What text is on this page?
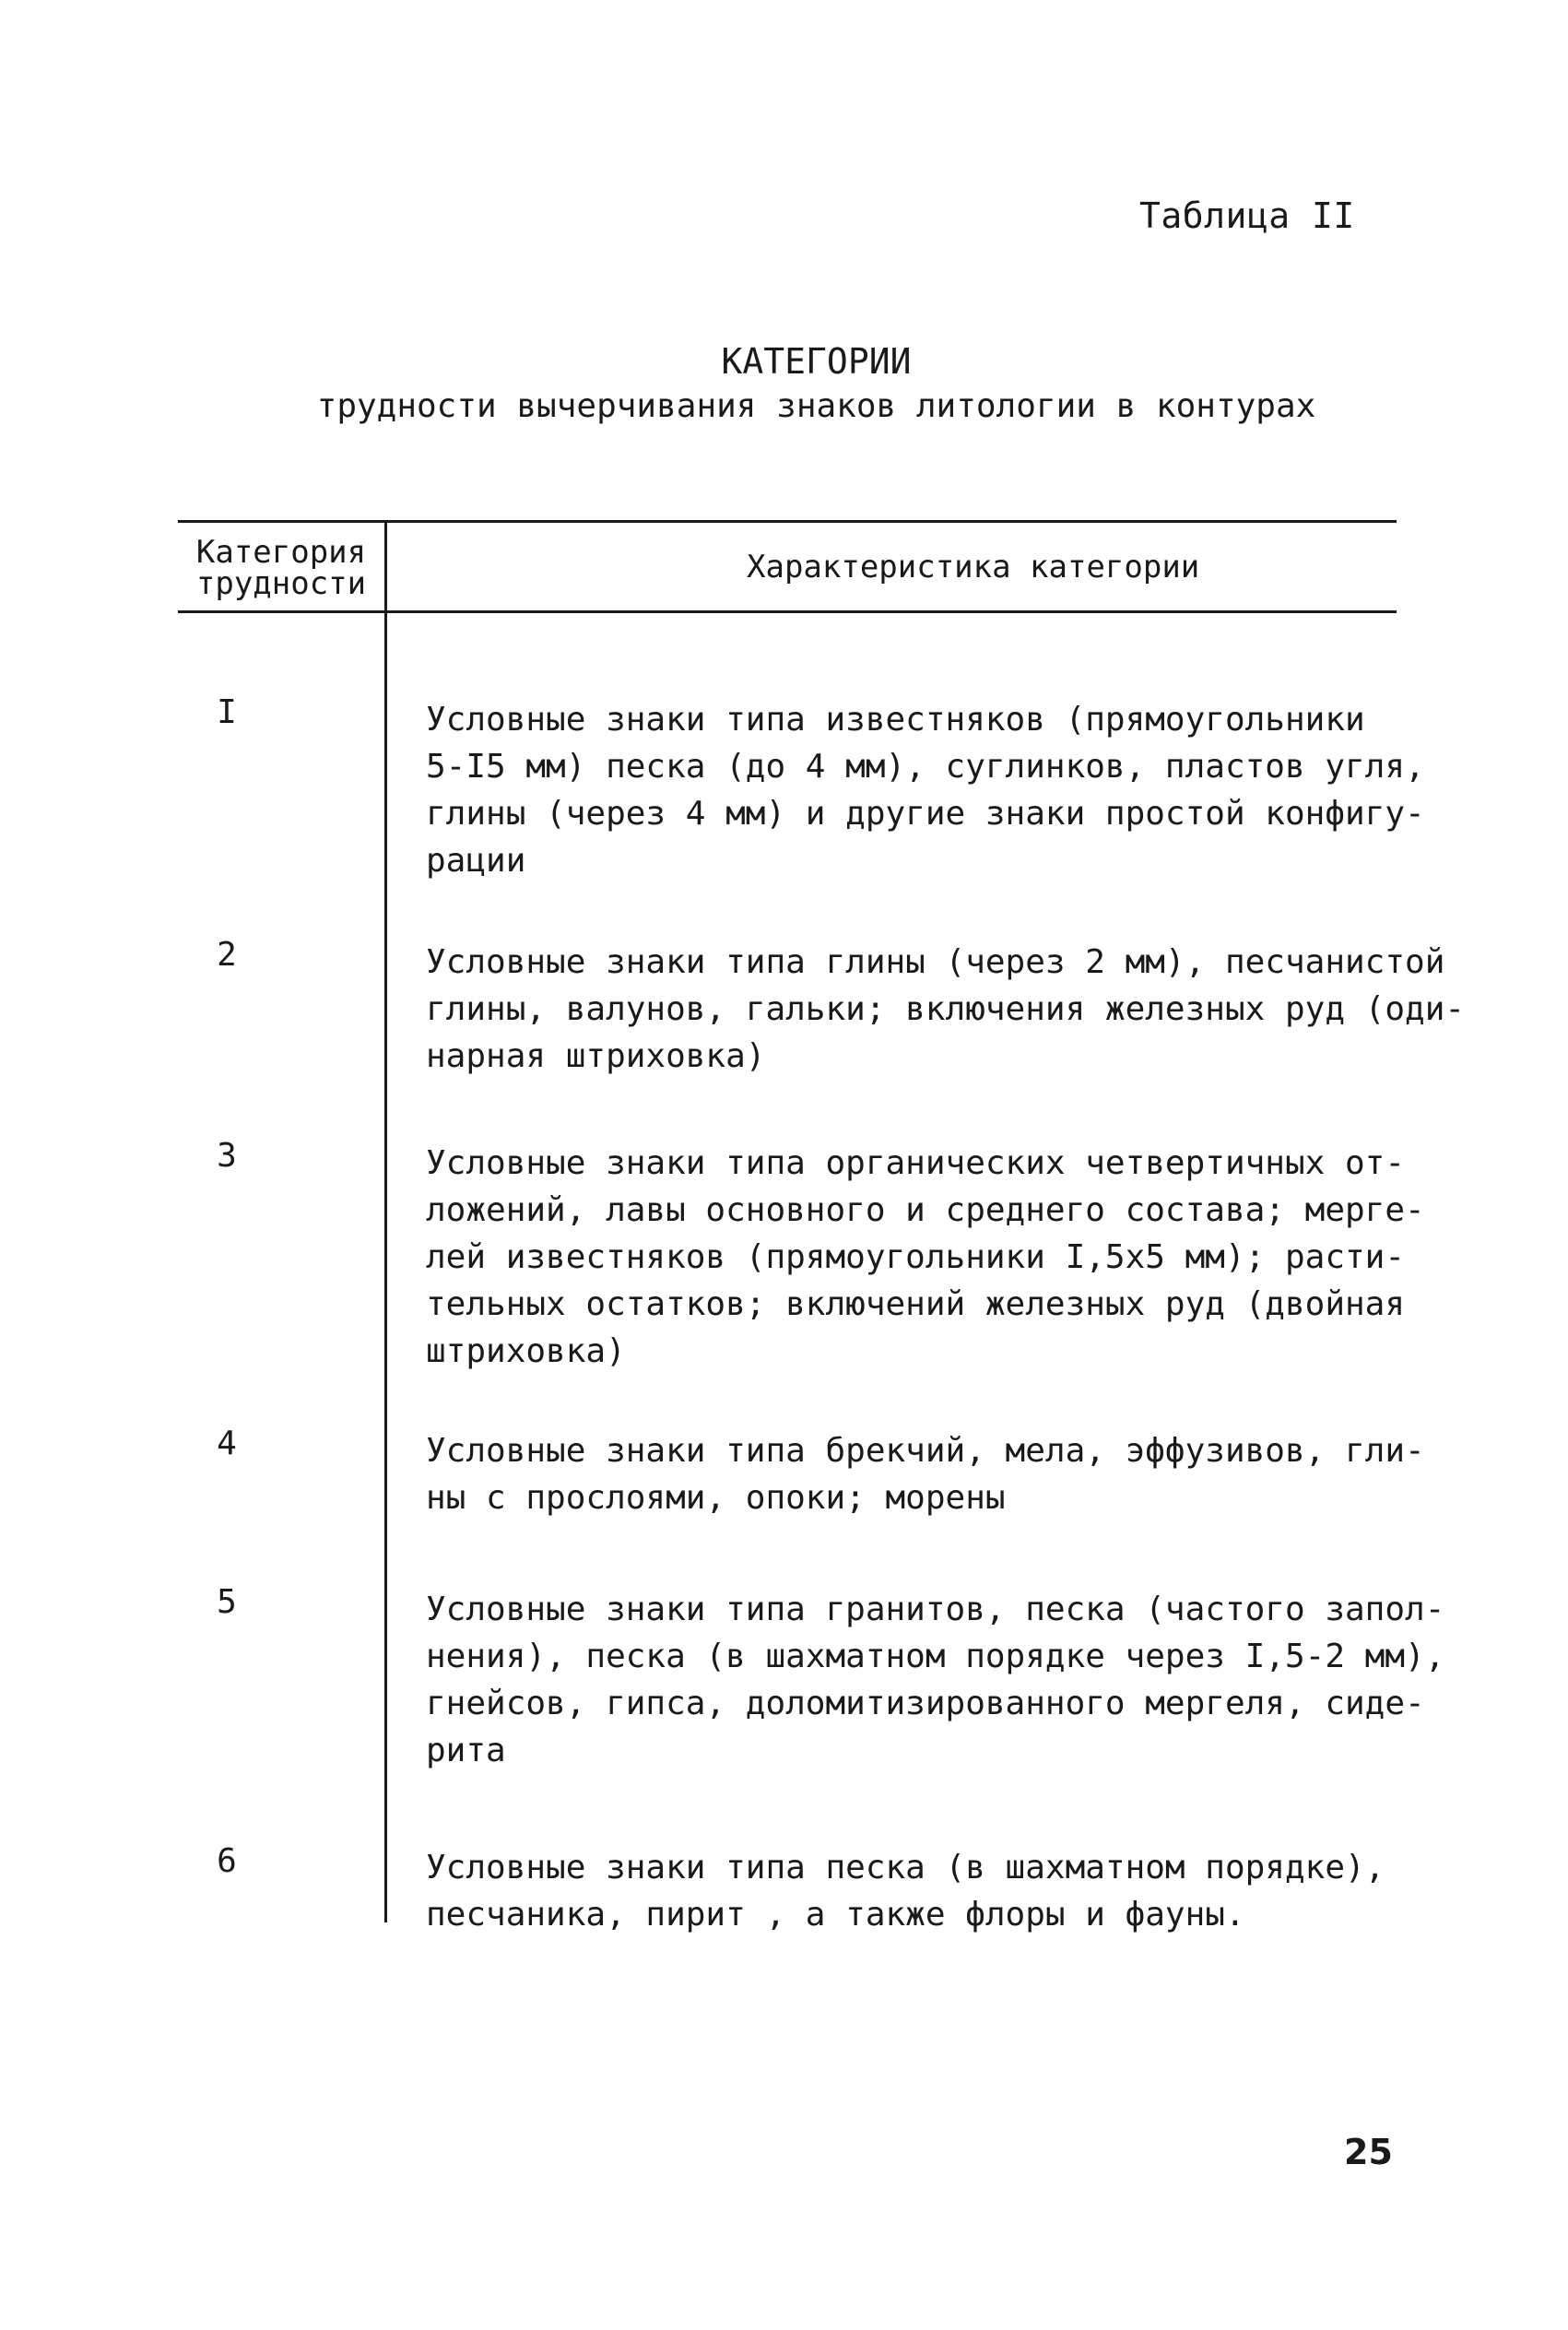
Таблица II
КАТЕГОРИИ
трудности вычерчивания знаков литологии в контурах
Категория
трудности	Характеристика категории
I	Условные знаки типа известняков (прямоугольники
5-I5 мм) песка (до 4 мм), суглинков, пластов угля,
глины (через 4 мм) и другие знаки простой конфигу-
рации
2	Условные знаки типа глины (через 2 мм), песчанистой
глины, валунов, гальки; включения железных руд (оди-
нарная штриховка)
3	Условные знаки типа органических четвертичных от-
ложений, лавы основного и среднего состава; мерге-
лей известняков (прямоугольники I,5х5 мм); расти-
тельных остатков; включений железных руд (двойная
штриховка)
4	Условные знаки типа брекчий, мела, эффузивов, гли-
ны с прослоями, опоки; морены
5	Условные знаки типа гранитов, песка (частого запол-
нения), песка (в шахматном порядке через I,5-2 мм),
гнейсов, гипса, доломитизированного мергеля, сиде-
рита
6	Условные знаки типа песка (в шахматном порядке),
песчаника, пирит , а также флоры и фауны.
25
